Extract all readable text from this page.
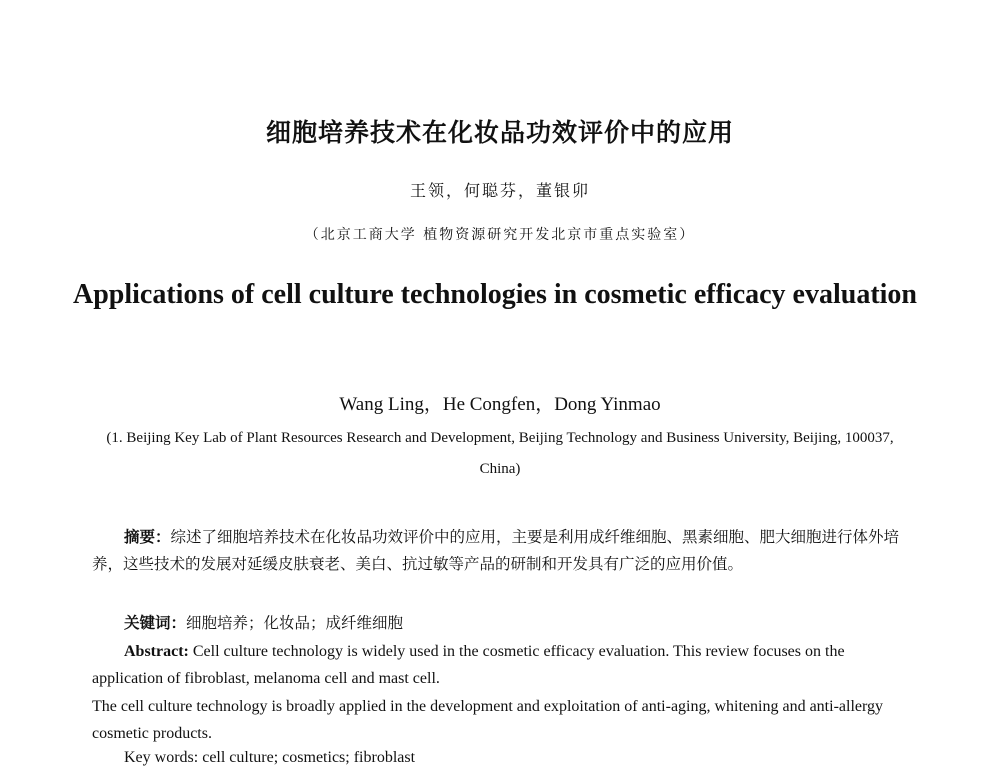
细胞培养技术在化妆品功效评价中的应用
王领，何聪芬，董银卯
（北京工商大学 植物资源研究开发北京市重点实验室）
Applications of cell culture technologies in cosmetic efficacy evaluation
Wang Ling，He Congfen，Dong Yinmao
(1. Beijing Key Lab of Plant Resources Research and Development, Beijing Technology and Business University, Beijing, 100037, China)

摘要：综述了细胞培养技术在化妆品功效评价中的应用，主要是利用成纤维细胞、黑素细胞、肥大细胞进行体外培养，这些技术的发展对延缓皮肤衰老、美白、抗过敏等产品的研制和开发具有广泛的应用价值。

关键词：细胞培养；化妆品；成纤维细胞

Abstract: Cell culture technology is widely used in the cosmetic efficacy evaluation. This review focuses on the application of fibroblast, melanoma cell and mast cell.

The cell culture technology is broadly applied in the development and exploitation of anti-aging, whitening and anti-allergy cosmetic products.

Key words: cell culture; cosmetics; fibroblast
